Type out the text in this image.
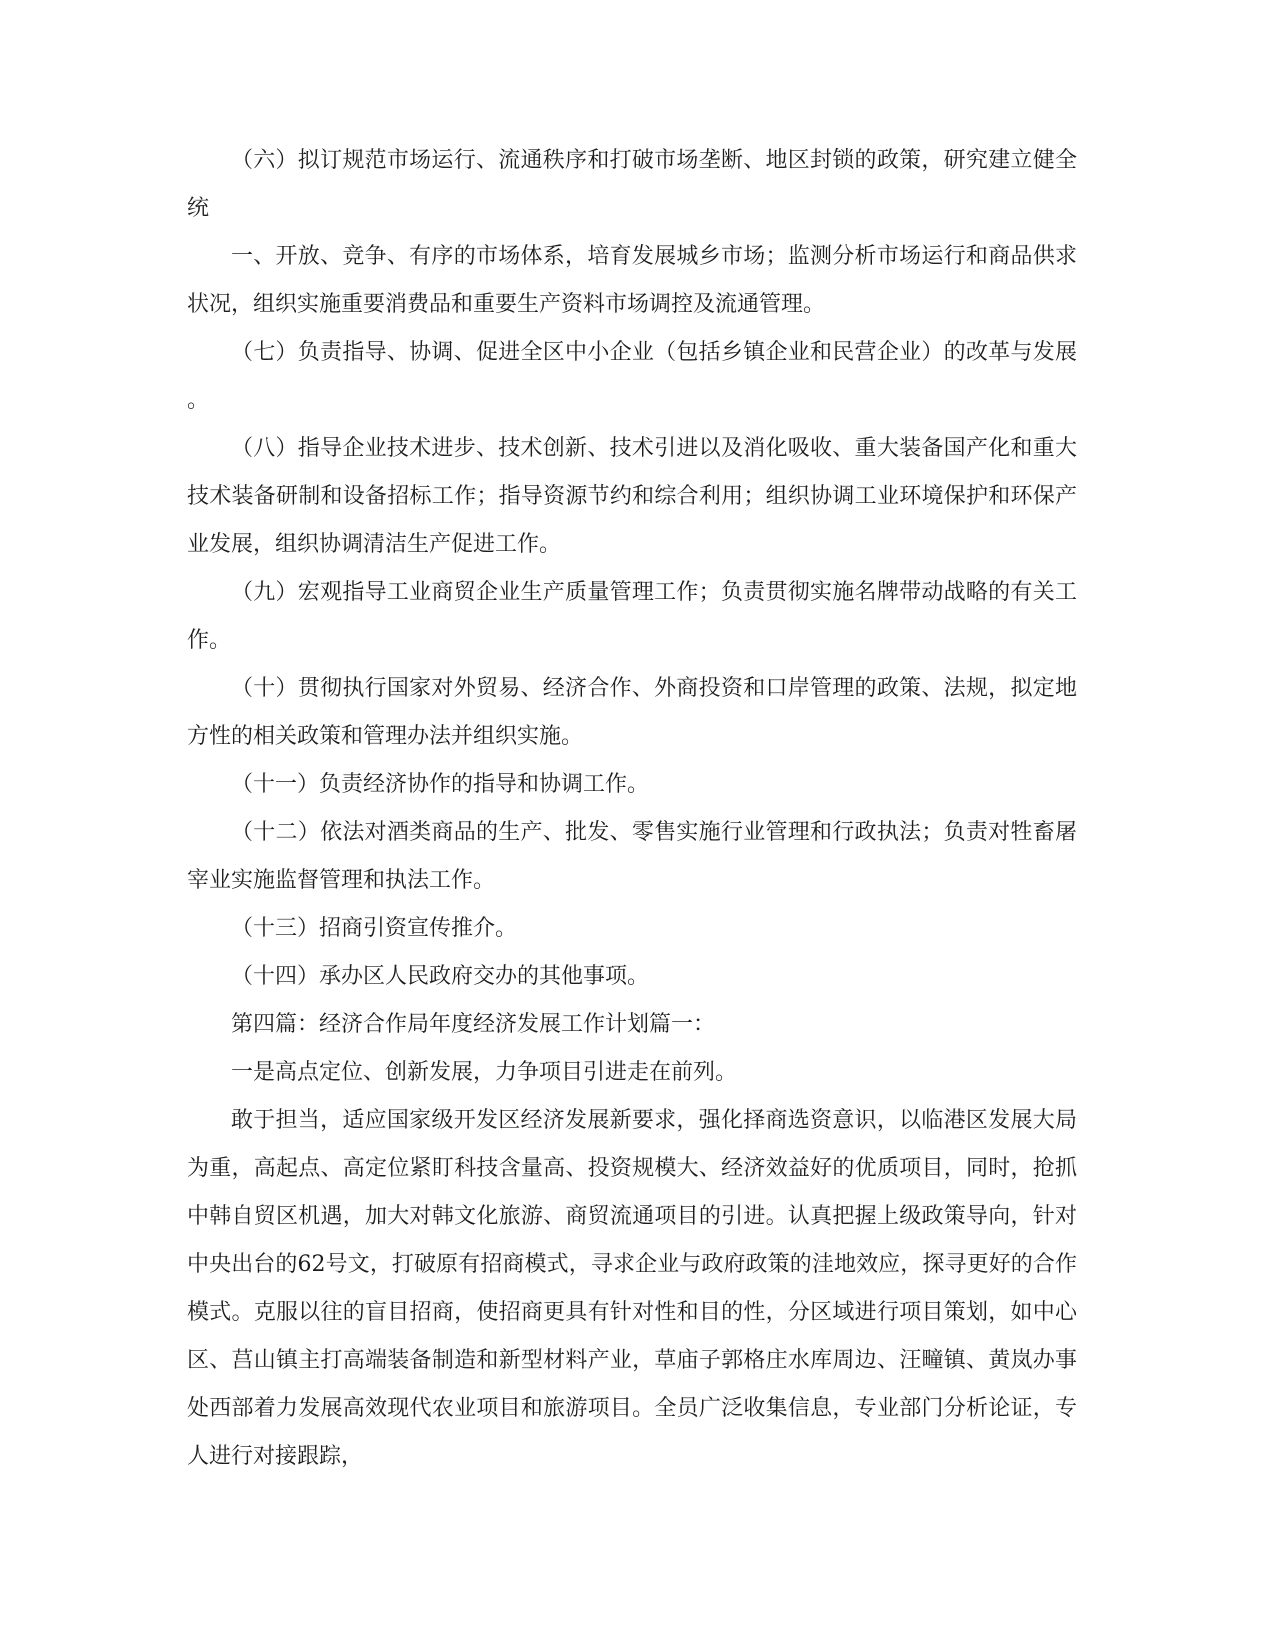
（六）拟订规范市场运行、流通秩序和打破市场垄断、地区封锁的政策，研究建立健全统

一、开放、竞争、有序的市场体系，培育发展城乡市场；监测分析市场运行和商品供求状况，组织实施重要消费品和重要生产资料市场调控及流通管理。

（七）负责指导、协调、促进全区中小企业（包括乡镇企业和民营企业）的改革与发展。

（八）指导企业技术进步、技术创新、技术引进以及消化吸收、重大装备国产化和重大技术装备研制和设备招标工作；指导资源节约和综合利用；组织协调工业环境保护和环保产业发展，组织协调清洁生产促进工作。

（九）宏观指导工业商贸企业生产质量管理工作；负责贯彻实施名牌带动战略的有关工作。

（十）贯彻执行国家对外贸易、经济合作、外商投资和口岸管理的政策、法规，拟定地方性的相关政策和管理办法并组织实施。

（十一）负责经济协作的指导和协调工作。

（十二）依法对酒类商品的生产、批发、零售实施行业管理和行政执法；负责对牲畜屠宰业实施监督管理和执法工作。

（十三）招商引资宣传推介。

（十四）承办区人民政府交办的其他事项。

第四篇：经济合作局年度经济发展工作计划篇一：

一是高点定位、创新发展，力争项目引进走在前列。

敢于担当，适应国家级开发区经济发展新要求，强化择商选资意识，以临港区发展大局为重，高起点、高定位紧盯科技含量高、投资规模大、经济效益好的优质项目，同时，抢抓中韩自贸区机遇，加大对韩文化旅游、商贸流通项目的引进。认真把握上级政策导向，针对中央出台的62号文，打破原有招商模式，寻求企业与政府政策的洼地效应，探寻更好的合作模式。克服以往的盲目招商，使招商更具有针对性和目的性，分区域进行项目策划，如中心区、莒山镇主打高端装备制造和新型材料产业，草庙子郭格庄水库周边、汪疃镇、黄岚办事处西部着力发展高效现代农业项目和旅游项目。全员广泛收集信息，专业部门分析论证，专人进行对接跟踪，
